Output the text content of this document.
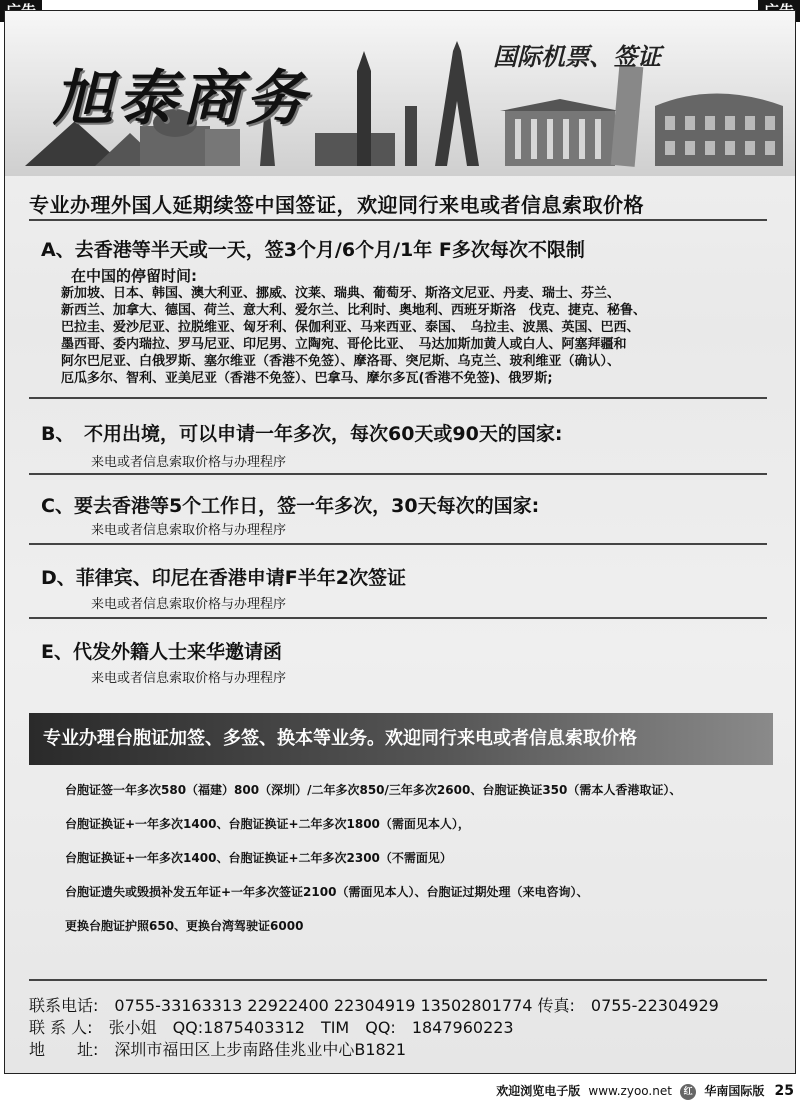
旭泰商务
国际机票、签证
专业办理外国人延期续签中国签证，欢迎同行来电或者信息索取价格
A、去香港等半天或一天，签3个月/6个月/1年 F多次每次不限制
在中国的停留时间:
新加坡、日本、韩国、澳大利亚、挪威、汶莱、瑞典、葡萄牙、斯洛文尼亚、丹麦、瑞士、芬兰、
新西兰、加拿大、德国、荷兰、意大利、爱尔兰、比利时、奥地利、西班牙斯洛　伐克、捷克、秘鲁、
巴拉圭、爱沙尼亚、拉脱维亚、匈牙利、保伽利亚、马来西亚、泰国、　乌拉圭、波黑、英国、巴西、
墨西哥、委内瑞拉、罗马尼亚、印尼男、立陶宛、哥伦比亚、　马达加斯加黄人或白人、阿塞拜疆和
阿尔巴尼亚、白俄罗斯、塞尔维亚（香港不免签）、摩洛哥、突尼斯、乌克兰、玻利维亚（确认）、
厄瓜多尔、智利、亚美尼亚（香港不免签）、巴拿马、摩尔多瓦(香港不免签)、俄罗斯;
B、　不用出境，可以申请一年多次，每次60天或90天的国家:
来电或者信息索取价格与办理程序
C、要去香港等5个工作日，签一年多次，30天每次的国家:
来电或者信息索取价格与办理程序
D、菲律宾、印尼在香港申请F半年2次签证
来电或者信息索取价格与办理程序
E、代发外籍人士来华邀请函
来电或者信息索取价格与办理程序
专业办理台胞证加签、多签、换本等业务。欢迎同行来电或者信息索取价格
台胞证签一年多次580（福建）800（深圳）/二年多次850/三年多次2600、台胞证换证350（需本人香港取证）、
台胞证换证+一年多次1400、台胞证换证+二年多次1800（需面见本人），
台胞证换证+一年多次1400、台胞证换证+二年多次2300（不需面见）
台胞证遗失或毁损补发五年证+一年多次签证2100（需面见本人）、台胞证过期处理（来电咨询）、
更换台胞证护照650、更换台湾驾驶证6000
联系电话:　0755-33163313 22922400 22304919 13502801774 传真:　0755-22304929
联 系 人:　张小姐　QQ:1875403312　TIM　QQ:　1847960223
地　　址:　深圳市福田区上步南路佳兆业中心B1821
欢迎浏览电子版 www.zyoo.net 红 华南国际版 25
